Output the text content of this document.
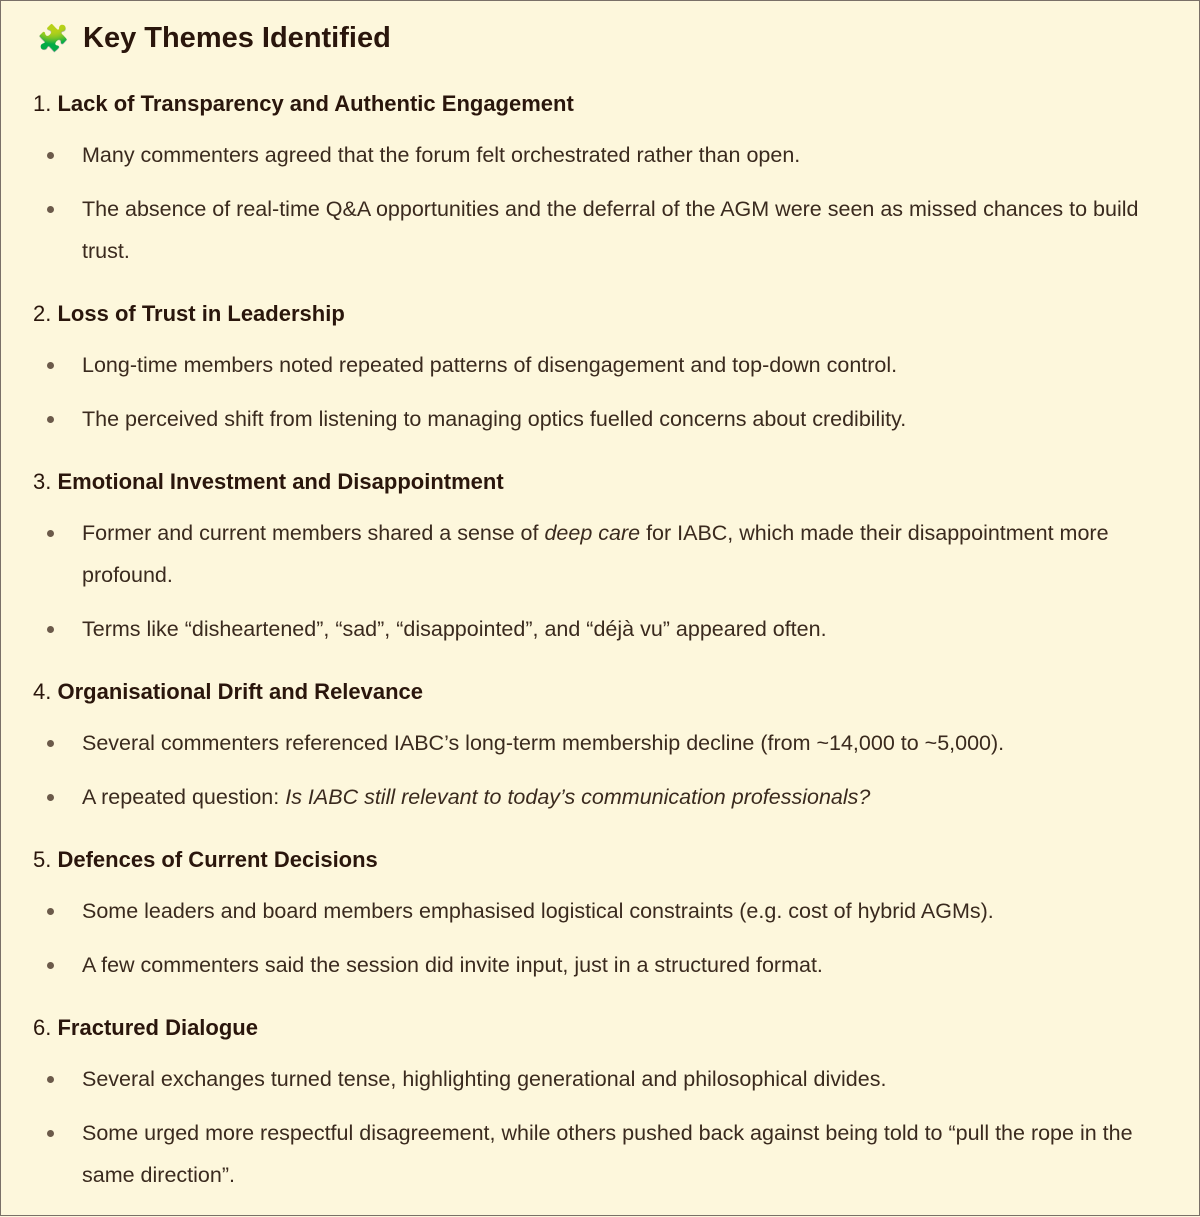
🧩 Key Themes Identified
1. Lack of Transparency and Authentic Engagement
Many commenters agreed that the forum felt orchestrated rather than open.
The absence of real-time Q&A opportunities and the deferral of the AGM were seen as missed chances to build trust.
2. Loss of Trust in Leadership
Long-time members noted repeated patterns of disengagement and top-down control.
The perceived shift from listening to managing optics fuelled concerns about credibility.
3. Emotional Investment and Disappointment
Former and current members shared a sense of deep care for IABC, which made their disappointment more profound.
Terms like “disheartened”, “sad”, “disappointed”, and “déjà vu” appeared often.
4. Organisational Drift and Relevance
Several commenters referenced IABC’s long-term membership decline (from ~14,000 to ~5,000).
A repeated question: Is IABC still relevant to today’s communication professionals?
5. Defences of Current Decisions
Some leaders and board members emphasised logistical constraints (e.g. cost of hybrid AGMs).
A few commenters said the session did invite input, just in a structured format.
6. Fractured Dialogue
Several exchanges turned tense, highlighting generational and philosophical divides.
Some urged more respectful disagreement, while others pushed back against being told to “pull the rope in the same direction”.
